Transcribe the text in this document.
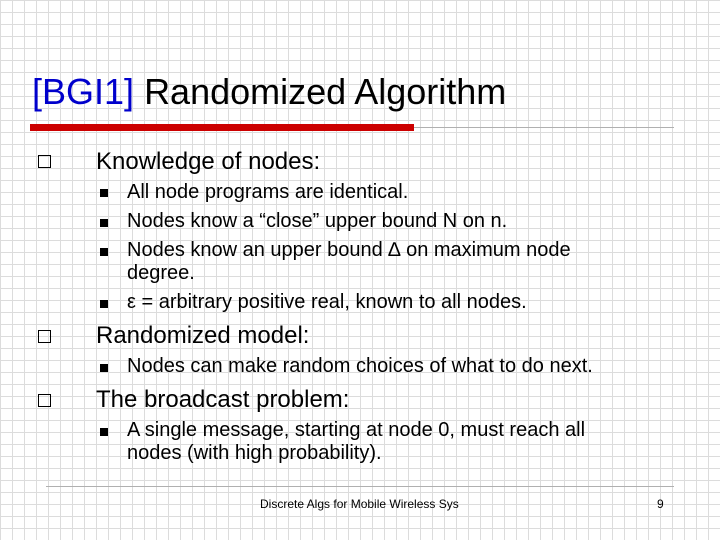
[BGI1] Randomized Algorithm
Knowledge of nodes:
All node programs are identical.
Nodes know a “close” upper bound N on n.
Nodes know an upper bound ∆ on maximum node
degree.
ε = arbitrary positive real, known to all nodes.
Randomized model:
Nodes can make random choices of what to do next.
The broadcast problem:
A single message, starting at node 0, must reach all
nodes (with high probability).
Discrete Algs for Mobile Wireless Sys	9
